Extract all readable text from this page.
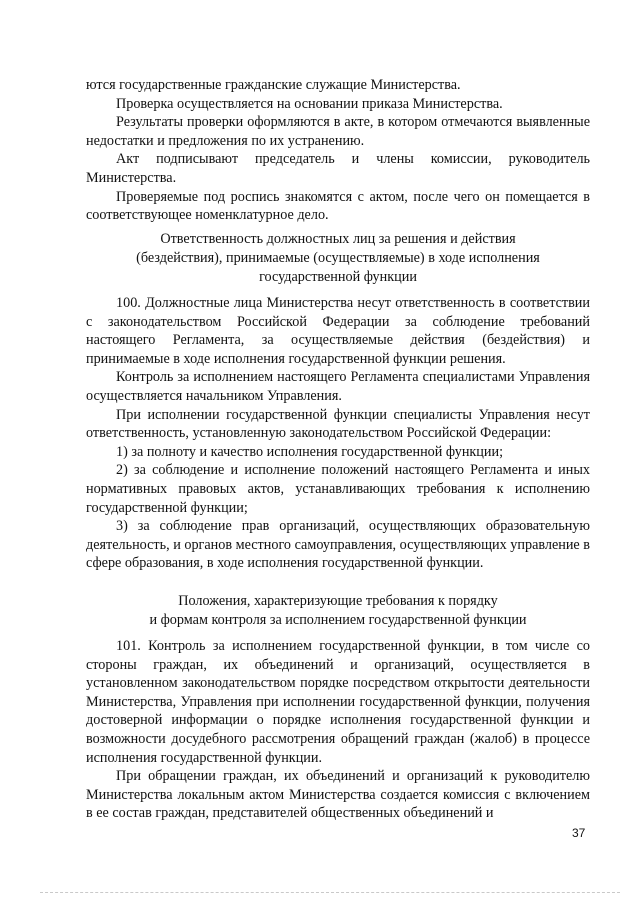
ются государственные гражданские служащие Министерства.

Проверка осуществляется на основании приказа Министерства.

Результаты проверки оформляются в акте, в котором отмечаются выявленные недостатки и предложения по их устранению.

Акт подписывают председатель и члены комиссии, руководитель Министерства.

Проверяемые под роспись знакомятся с актом, после чего он помещается в соответствующее номенклатурное дело.

Ответственность должностных лиц за решения и действия

(бездействия), принимаемые (осуществляемые) в ходе исполнения

государственной функции

100. Должностные лица Министерства несут ответственность в соответствии с законодательством Российской Федерации за соблюдение требований настоящего Регламента, за осуществляемые действия (бездействия) и принимаемые в ходе исполнения государственной функции решения.

Контроль за исполнением настоящего Регламента специалистами Управления осуществляется начальником Управления.

При исполнении государственной функции специалисты Управления несут ответственность, установленную законодательством Российской Федерации:

1) за полноту и качество исполнения государственной функции;

2) за соблюдение и исполнение положений настоящего Регламента и иных нормативных правовых актов, устанавливающих требования к исполнению государственной функции;

3) за соблюдение прав организаций, осуществляющих образовательную деятельность, и органов местного самоуправления, осуществляющих управление в сфере образования, в ходе исполнения государственной функции.

Положения, характеризующие требования к порядку

и формам контроля за исполнением государственной функции

101. Контроль за исполнением государственной функции, в том числе со стороны граждан, их объединений и организаций, осуществляется в установленном законодательством порядке посредством открытости деятельности Министерства, Управления при исполнении государственной функции, получения достоверной информации о порядке исполнения государственной функции и возможности досудебного рассмотрения обращений граждан (жалоб) в процессе исполнения государственной функции.

При обращении граждан, их объединений и организаций к руководителю Министерства локальным актом Министерства создается комиссия с включением в ее состав граждан, представителей общественных объединений и

37
